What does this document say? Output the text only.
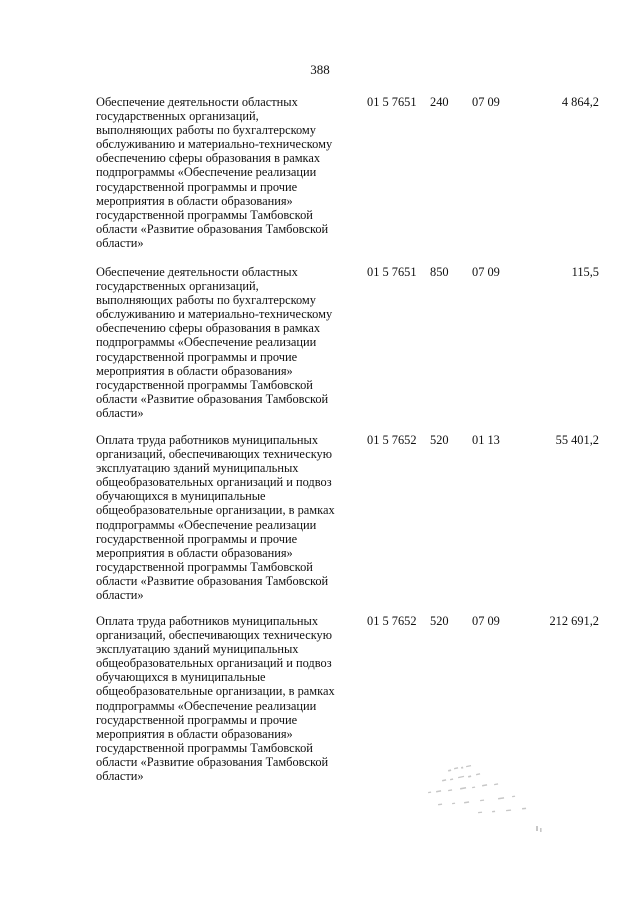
388
Обеспечение деятельности областных
государственных организаций,
выполняющих работы по бухгалтерскому
обслуживанию и материально-техническому
обеспечению сферы образования в рамках
подпрограммы «Обеспечение реализации
государственной программы и прочие
мероприятия в области образования»
государственной программы Тамбовской
области «Развитие образования Тамбовской
области»
01 5 7651 240 07 09	4 864,2
Обеспечение деятельности областных
государственных организаций,
выполняющих работы по бухгалтерскому
обслуживанию и материально-техническому
обеспечению сферы образования в рамках
подпрограммы «Обеспечение реализации
государственной программы и прочие
мероприятия в области образования»
государственной программы Тамбовской
области «Развитие образования Тамбовской
области»
01 5 7651 850 07 09	115,5
Оплата труда работников муниципальных
организаций, обеспечивающих техническую
эксплуатацию зданий муниципальных
общеобразовательных организаций и подвоз
обучающихся в муниципальные
общеобразовательные организации, в рамках
подпрограммы «Обеспечение реализации
государственной программы и прочие
мероприятия в области образования»
государственной программы Тамбовской
области «Развитие образования Тамбовской
области»
01 5 7652 520 01 13	55 401,2
Оплата труда работников муниципальных
организаций, обеспечивающих техническую
эксплуатацию зданий муниципальных
общеобразовательных организаций и подвоз
обучающихся в муниципальные
общеобразовательные организации, в рамках
подпрограммы «Обеспечение реализации
государственной программы и прочие
мероприятия в области образования»
государственной программы Тамбовской
области «Развитие образования Тамбовской
области»
01 5 7652 520 07 09	212 691,2
